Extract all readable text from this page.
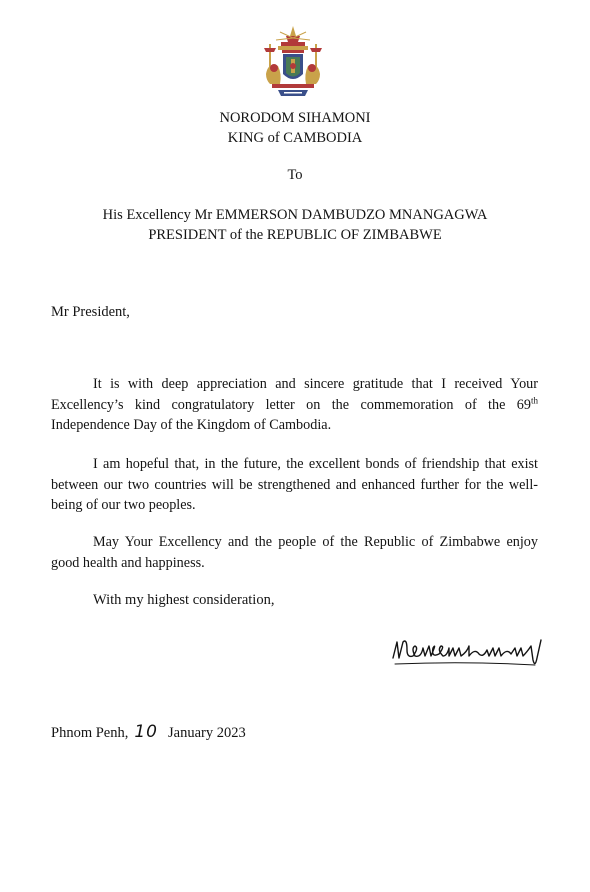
NORODOM SIHAMONI
KING of CAMBODIA
To
His Excellency Mr EMMERSON DAMBUDZO MNANGAGWA
PRESIDENT of the REPUBLIC OF ZIMBABWE
Mr President,
It is with deep appreciation and sincere gratitude that I received Your Excellency’s kind congratulatory letter on the commemoration of the 69th Independence Day of the Kingdom of Cambodia.
I am hopeful that, in the future, the excellent bonds of friendship that exist between our two countries will be strengthened and enhanced further for the well-being of our two peoples.
May Your Excellency and the people of the Republic of Zimbabwe enjoy good health and happiness.
With my highest consideration,
Phnom Penh, 10 January 2023
